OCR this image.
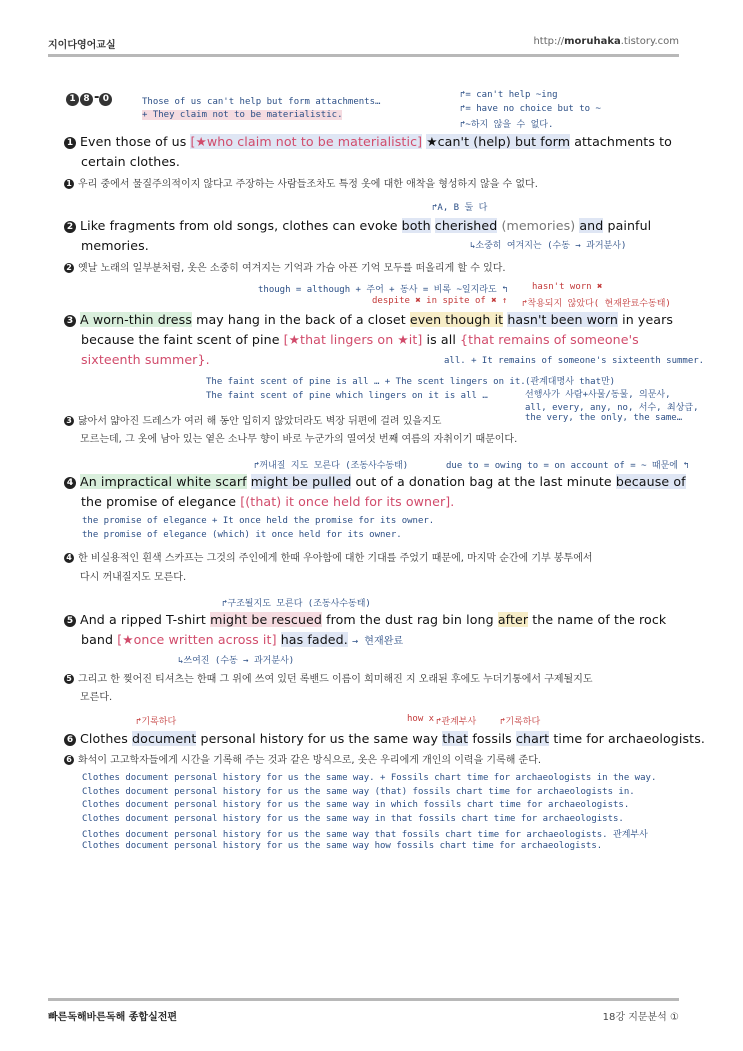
지이다영어교실	http://moruhaka.tistory.com
1 8 - 0	Those of us can't help but form attachments…
+ They claim not to be materialistic.
↱= can't help ~ing
↱= have no choice but to ~
↱~하지 않을 수 없다.
1 Even those of us [★who claim not to be materialistic] ★can't (help) but form attachments to
certain clothes.
1 우리 중에서 물질주의적이지 않다고 주장하는 사람들조차도 특정 옷에 대한 애착을 형성하지 않을 수 없다.
↱A, B 둘 다
2 Like fragments from old songs, clothes can evoke both cherished (memories) and painful
memories.	↳소중히 여겨지는 (수동 → 과거분사)
2 옛날 노래의 일부분처럼, 옷은 소중히 여겨지는 기억과 가슴 아픈 기억 모두를 떠올리게 할 수 있다.
though = although + 주어 + 동사 = 비록 ~일지라도 ↰
despite ✖ in spite of ✖ ↑
hasn't worn ✖
↱착용되지 않았다( 현재완료수동태)
3 A worn-thin dress may hang in the back of a closet even though it hasn't been worn in years
because the faint scent of pine [★that lingers on ★it] is all {that remains of someone's
sixteenth summer}.	all. + It remains of someone's sixteenth summer.
The faint scent of pine is all … + The scent lingers on it.
The faint scent of pine which lingers on it is all …
(관계대명사 that만)
선행사가 사람+사물/동물, 의문사,
all, every, any, no, 서수, 최상급,
the very, the only, the same…
3 닳아서 얇아진 드레스가 여러 해 동안 입히지 않았더라도 벽장 뒤편에 걸려 있을지도
모르는데, 그 옷에 남아 있는 옅은 소나무 향이 바로 누군가의 열여섯 번째 여름의 자취이기 때문이다.
↱꺼내질 지도 모른다 (조동사수동태)	due to = owing to = on account of = ~ 때문에 ↰
4 An impractical white scarf might be pulled out of a donation bag at the last minute because of
the promise of elegance [(that) it once held for its owner].
the promise of elegance + It once held the promise for its owner.
the promise of elegance (which) it once held for its owner.
4 한 비실용적인 흰색 스카프는 그것의 주인에게 한때 우아함에 대한 기대를 주었기 때문에, 마지막 순간에 기부 봉투에서
다시 꺼내질지도 모른다.
↱구조될지도 모른다 (조동사수동태)
5 And a ripped T-shirt might be rescued from the dust rag bin long after the name of the rock
band [★once written across it] has faded. → 현재완료
↳쓰여진 (수동 → 과거분사)
5 그리고 한 찢어진 티셔츠는 한때 그 위에 쓰여 있던 록밴드 이름이 희미해진 지 오래된 후에도 누더기통에서 구제될지도
모른다.
↱기록하다	how x ↱관계부사	↱기록하다
6 Clothes document personal history for us the same way that fossils chart time for archaeologists.
6 화석이 고고학자들에게 시간을 기록해 주는 것과 같은 방식으로, 옷은 우리에게 개인의 이력을 기록해 준다.
Clothes document personal history for us the same way. + Fossils chart time for archaeologists in the way.
Clothes document personal history for us the same way (that) fossils chart time for archaeologists in.
Clothes document personal history for us the same way in which fossils chart time for archaeologists.
Clothes document personal history for us the same way in that fossils chart time for archaeologists.
Clothes document personal history for us the same way that fossils chart time for archaeologists. 관계부사
Clothes document personal history for us the same way how fossils chart time for archaeologists.
빠른독해바른독해 종합실전편	18강 지문분석 ①
